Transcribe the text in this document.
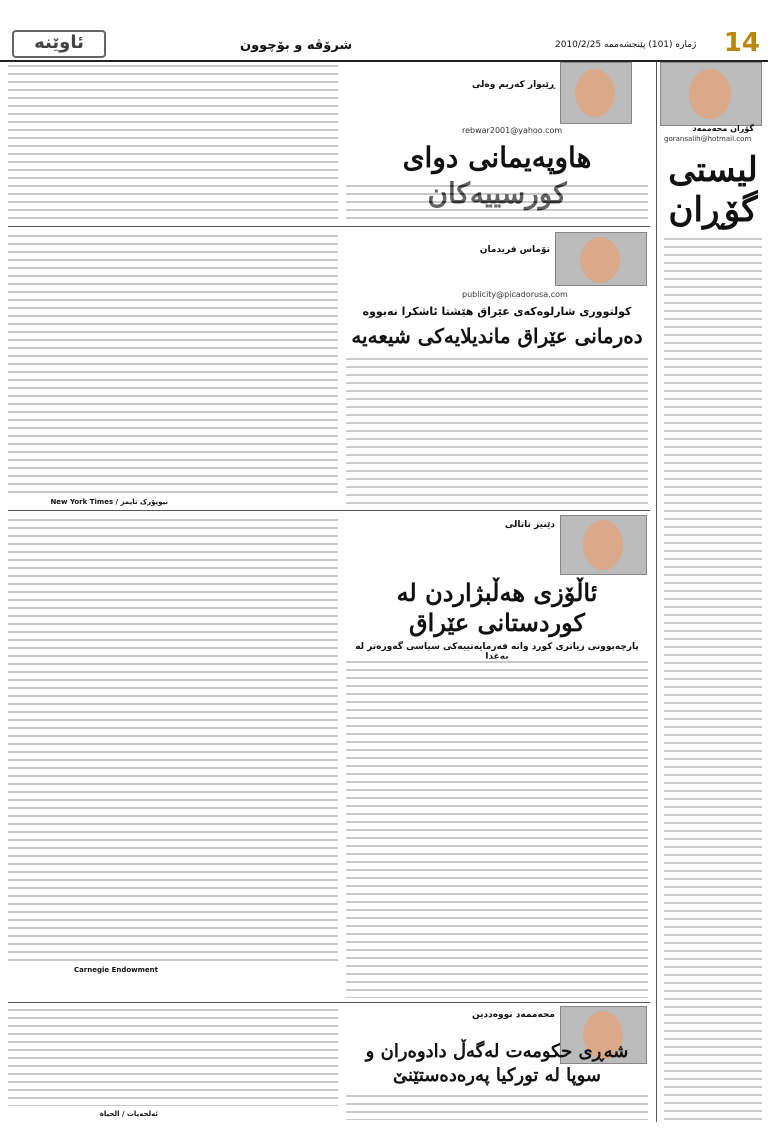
14
ژماره (101) پێنجشەممە 2010/2/25
شرۆڤە و بۆچوون
ئاوێنە
گۆران محەممەد
goransalih@hotmail.com
لیستی گۆڕان
ڕێبوار کەریم وەلی
rebwar2001@yahoo.com
هاوپەیمانی دوای کورسییەکان
تۆماس فریدمان
publicity@picadorusa.com
کولتووری شارلوەکەی عێراق هێشتا ئاشکرا نەبووە
دەرمانی عێراق ماندیلایەکی شیعەیە
نیویۆرک تایمز / New York Times
دێنیز ناتالی
ئاڵۆزی هەڵبژاردن لە کوردستانی عێراق
پارچەبوونی زیاتری کورد وانە فەرمایەتییەکی سیاسی گەورەتر لە بەغدا
Carnegie Endowment
محەممەد نووەددین
شەڕی حکومەت لەگەڵ دادوەران و سوپا لە تورکیا پەرەدەستێنێ
ئەلحەیات / الحیاة
